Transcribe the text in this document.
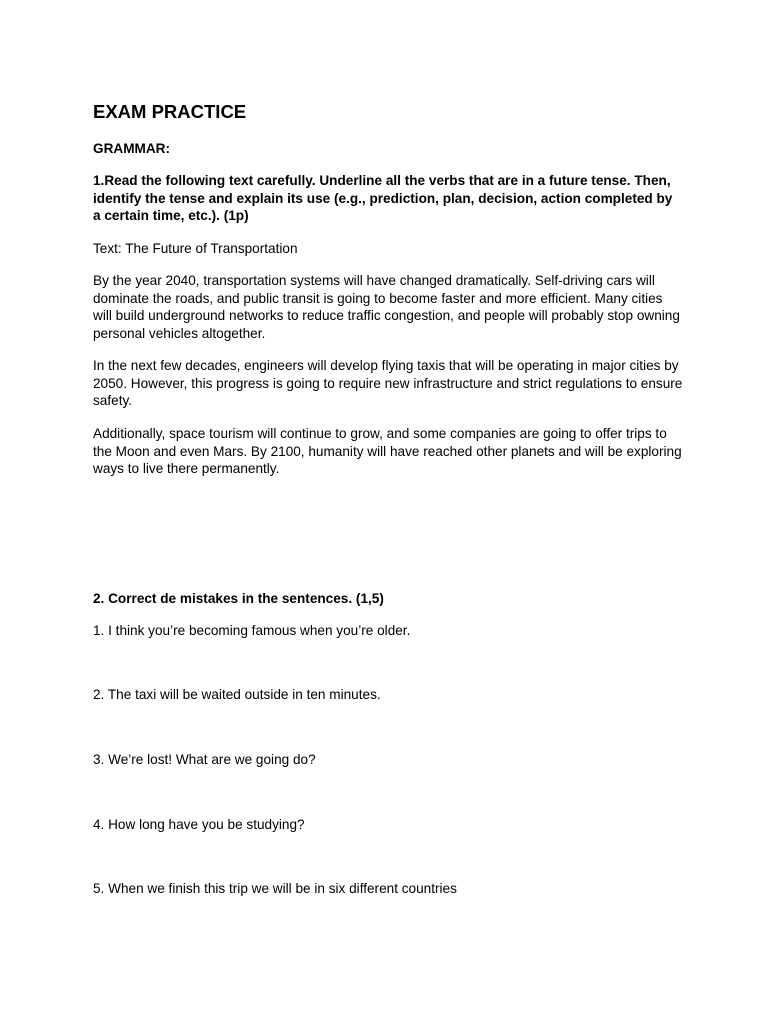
EXAM PRACTICE

GRAMMAR:

1.Read the following text carefully. Underline all the verbs that are in a future tense. Then, identify the tense and explain its use (e.g., prediction, plan, decision, action completed by a certain time, etc.). (1p)

Text: The Future of Transportation

By the year 2040, transportation systems will have changed dramatically. Self-driving cars will dominate the roads, and public transit is going to become faster and more efficient. Many cities will build underground networks to reduce traffic congestion, and people will probably stop owning personal vehicles altogether.

In the next few decades, engineers will develop flying taxis that will be operating in major cities by 2050. However, this progress is going to require new infrastructure and strict regulations to ensure safety.

Additionally, space tourism will continue to grow, and some companies are going to offer trips to the Moon and even Mars. By 2100, humanity will have reached other planets and will be exploring ways to live there permanently.

2. Correct de mistakes in the sentences. (1,5)

1. I think you’re becoming famous when you’re older.

2. The taxi will be waited outside in ten minutes.

3. We’re lost! What are we going do?

4. How long have you be studying?

5. When we finish this trip we will be in six different countries
